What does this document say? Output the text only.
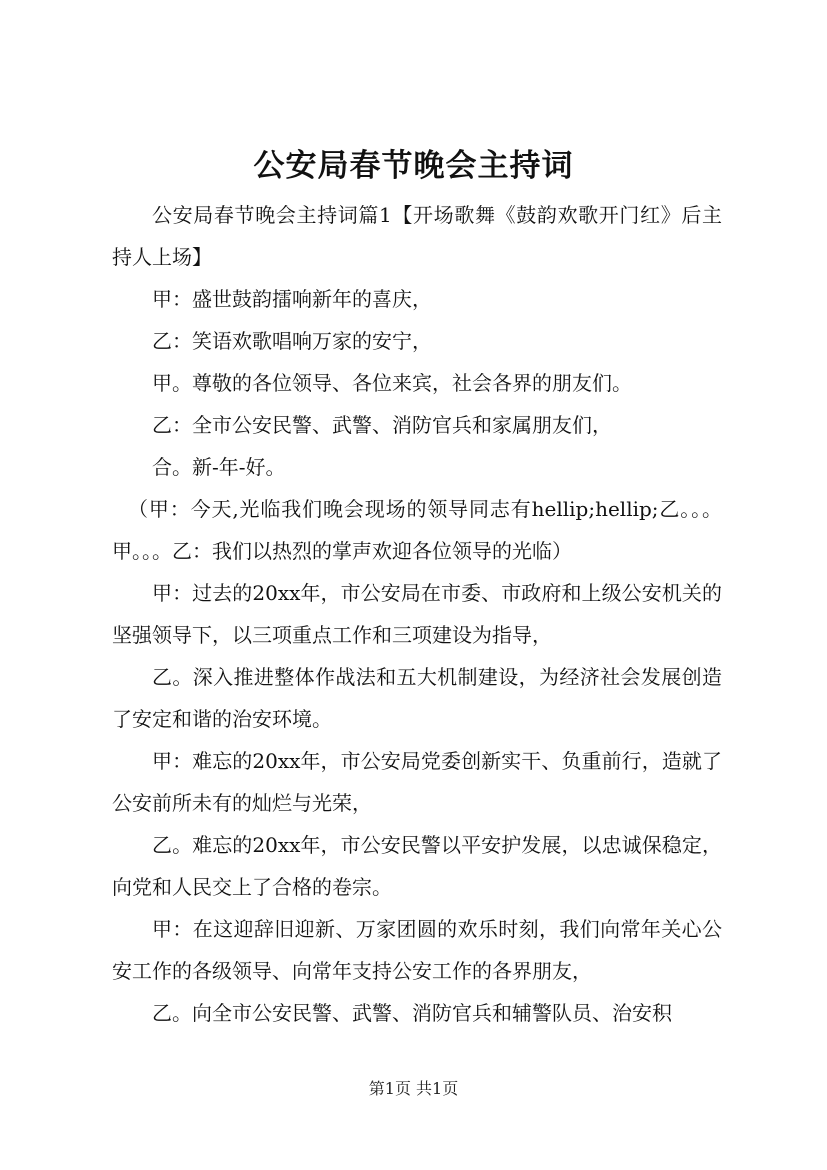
公安局春节晚会主持词

公安局春节晚会主持词篇1【开场歌舞《鼓韵欢歌开门红》后主持人上场】

甲：盛世鼓韵擂响新年的喜庆，

乙：笑语欢歌唱响万家的安宁，

甲。尊敬的各位领导、各位来宾，社会各界的朋友们。

乙：全市公安民警、武警、消防官兵和家属朋友们，

合。新-年-好。

（甲：今天,光临我们晚会现场的领导同志有hellip;hellip;乙。。。甲。。。乙：我们以热烈的掌声欢迎各位领导的光临）

甲：过去的20xx年，市公安局在市委、市政府和上级公安机关的坚强领导下，以三项重点工作和三项建设为指导，

乙。深入推进整体作战法和五大机制建设，为经济社会发展创造了安定和谐的治安环境。

甲：难忘的20xx年，市公安局党委创新实干、负重前行，造就了公安前所未有的灿烂与光荣，

乙。难忘的20xx年，市公安民警以平安护发展，以忠诚保稳定，向党和人民交上了合格的卷宗。

甲：在这迎辞旧迎新、万家团圆的欢乐时刻，我们向常年关心公安工作的各级领导、向常年支持公安工作的各界朋友，

乙。向全市公安民警、武警、消防官兵和辅警队员、治安积

第1页 共1页
